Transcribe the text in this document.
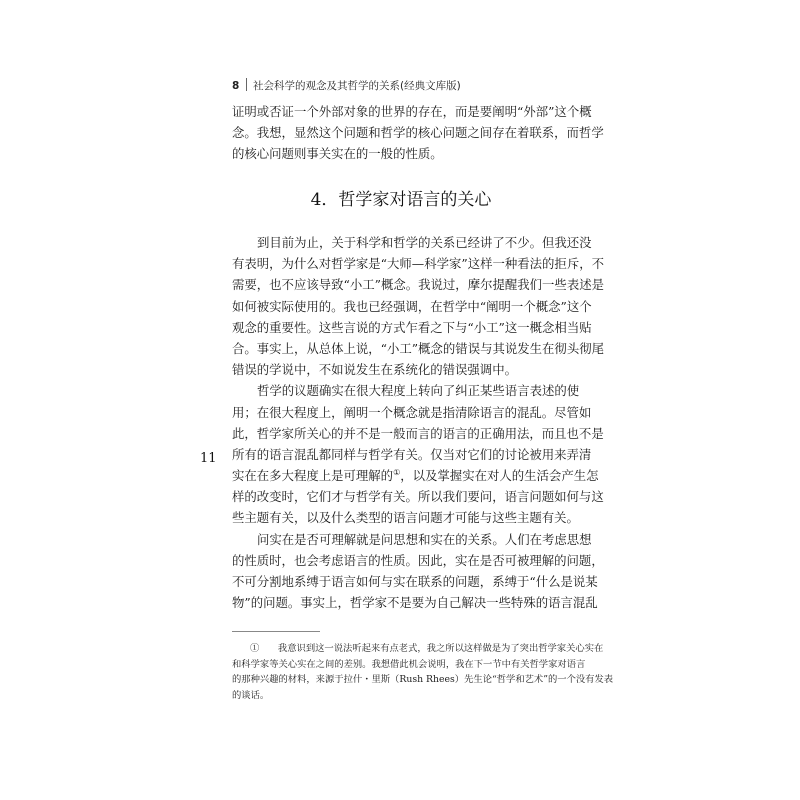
8 社会科学的观念及其哲学的关系(经典文库版)
证明或否证一个外部对象的世界的存在，而是要阐明“外部”这个概
念。我想，显然这个问题和哲学的核心问题之间存在着联系，而哲学
的核心问题则事关实在的一般的性质。
4．哲学家对语言的关心
到目前为止，关于科学和哲学的关系已经讲了不少。但我还没
有表明，为什么对哲学家是“大师—科学家”这样一种看法的拒斥，不
需要，也不应该导致“小工”概念。我说过，摩尔提醒我们一些表述是
如何被实际使用的。我也已经强调，在哲学中“阐明一个概念”这个
观念的重要性。这些言说的方式乍看之下与“小工”这一概念相当贴
合。事实上，从总体上说，“小工”概念的错误与其说发生在彻头彻尾
错误的学说中，不如说发生在系统化的错误强调中。
哲学的议题确实在很大程度上转向了纠正某些语言表述的使
用；在很大程度上，阐明一个概念就是指清除语言的混乱。尽管如
此，哲学家所关心的并不是一般而言的语言的正确用法，而且也不是
所有的语言混乱都同样与哲学有关。仅当对它们的讨论被用来弄清
实在在多大程度上是可理解的①，以及掌握实在对人的生活会产生怎
样的改变时，它们才与哲学有关。所以我们要问，语言问题如何与这
些主题有关，以及什么类型的语言问题才可能与这些主题有关。
问实在是否可理解就是问思想和实在的关系。人们在考虑思想
的性质时，也会考虑语言的性质。因此，实在是否可被理解的问题，
不可分割地系缚于语言如何与实在联系的问题，系缚于“什么是说某
物”的问题。事实上，哲学家不是要为自己解决一些特殊的语言混乱
11
①　　 我意识到这一说法听起来有点老式，我之所以这样做是为了突出哲学家关心实在
和科学家等关心实在之间的差别。我想借此机会说明，我在下一节中有关哲学家对语言
的那种兴趣的材料，来源于拉什・里斯（Rush Rhees）先生论“哲学和艺术”的一个没有发表
的谈话。
